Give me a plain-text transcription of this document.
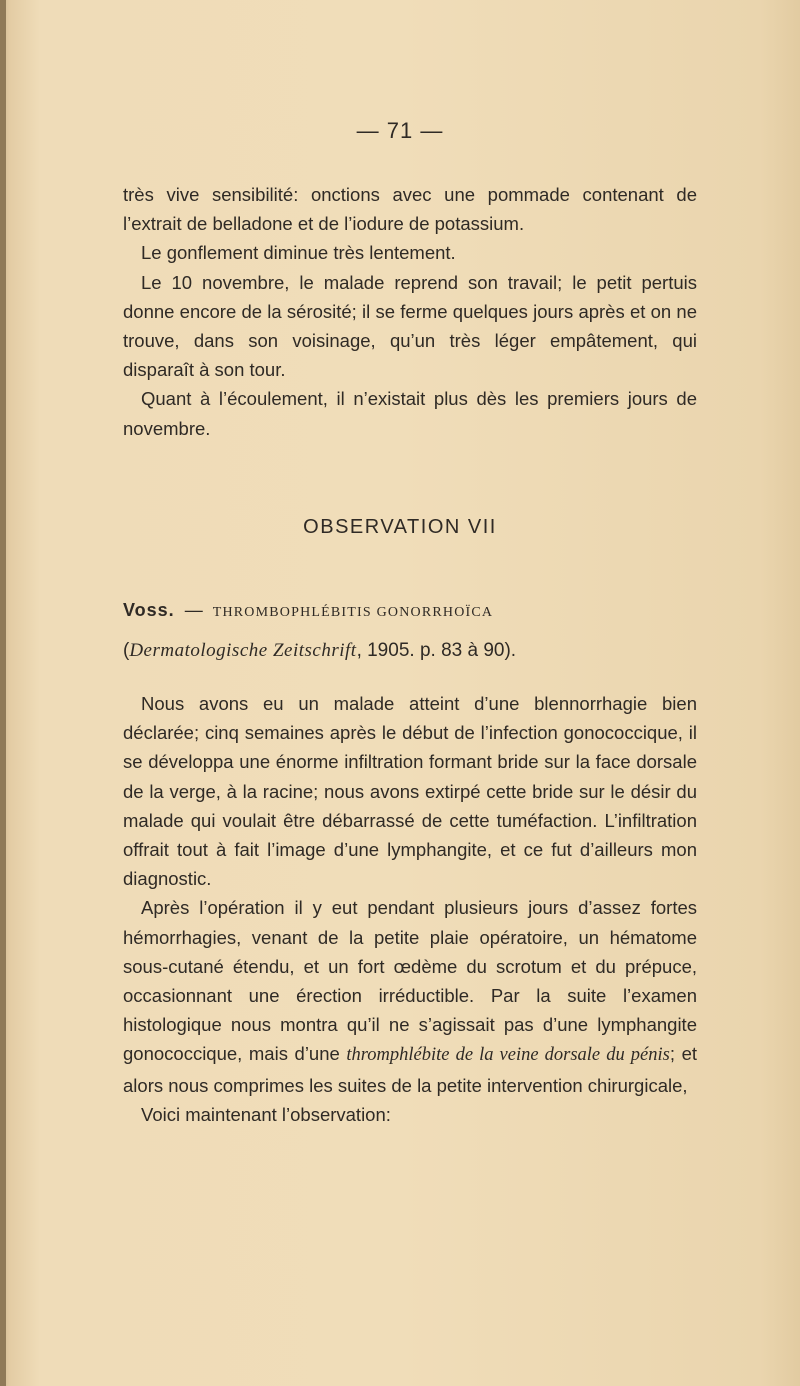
— 71 —

très vive sensibilité: onctions avec une pommade contenant de l’extrait de belladone et de l’iodure de potassium.

Le gonflement diminue très lentement.

Le 10 novembre, le malade reprend son travail; le petit pertuis donne encore de la sérosité; il se ferme quelques jours après et on ne trouve, dans son voisinage, qu’un très léger empâtement, qui disparaît à son tour.

Quant à l’écoulement, il n’existait plus dès les premiers jours de novembre.

OBSERVATION VII
Voss. — THROMBOPHLÉBITIS GONORRHOÏCA
(Dermatologische Zeitschrift, 1905. p. 83 à 90).

Nous avons eu un malade atteint d’une blennorrhagie bien déclarée; cinq semaines après le début de l’infection gonococcique, il se développa une énorme infiltration formant bride sur la face dorsale de la verge, à la racine; nous avons extirpé cette bride sur le désir du malade qui voulait être débarrassé de cette tuméfaction. L’infiltration offrait tout à fait l’image d’une lymphangite, et ce fut d’ailleurs mon diagnostic.

Après l’opération il y eut pendant plusieurs jours d’assez fortes hémorrhagies, venant de la petite plaie opératoire, un hématome sous-cutané étendu, et un fort œdème du scrotum et du prépuce, occasionnant une érection irréductible. Par la suite l’examen histologique nous montra qu’il ne s’agissait pas d’une lymphangite gonococcique, mais d’une thromphlébite de la veine dorsale du pénis; et alors nous comprimes les suites de la petite intervention chirurgicale,

Voici maintenant l’observation:
